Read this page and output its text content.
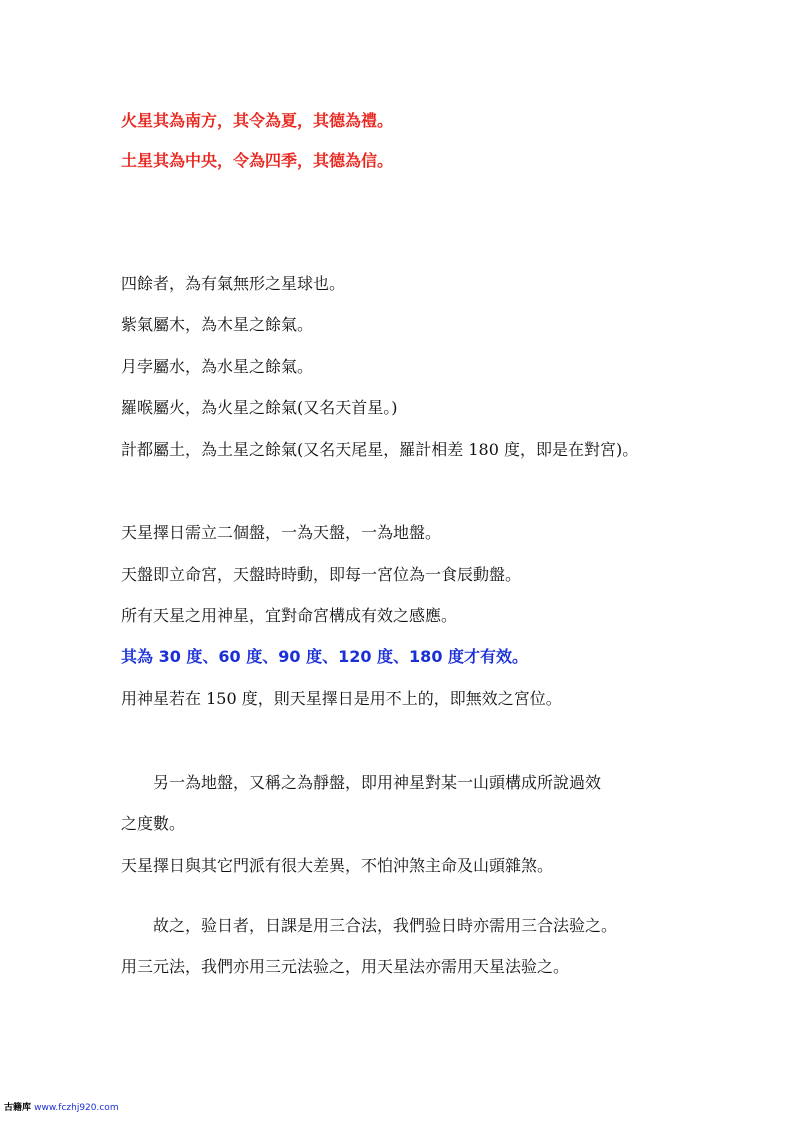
火星其為南方，其令為夏，其德為禮。
土星其為中央，令為四季，其德為信。
四餘者，為有氣無形之星球也。
紫氣屬木，為木星之餘氣。
月孛屬水，為水星之餘氣。
羅喉屬火，為火星之餘氣(又名天首星。)
計都屬土，為土星之餘氣(又名天尾星，羅計相差 180 度，即是在對宮)。
天星擇日需立二個盤，一為天盤，一為地盤。
天盤即立命宮，天盤時時動，即每一宮位為一食辰動盤。
所有天星之用神星，宜對命宮構成有效之感應。
其為 30 度、60 度、90 度、120 度、180 度才有效。
用神星若在 150 度，則天星擇日是用不上的，即無效之宮位。
另一為地盤，又稱之為靜盤，即用神星對某一山頭構成所說過效
之度數。
天星擇日與其它門派有很大差異，不怕沖煞主命及山頭雜煞。
故之，验日者，日課是用三合法，我們验日時亦需用三合法验之。
用三元法，我們亦用三元法验之，用天星法亦需用天星法验之。
古籍库 www.fczhj920.com
